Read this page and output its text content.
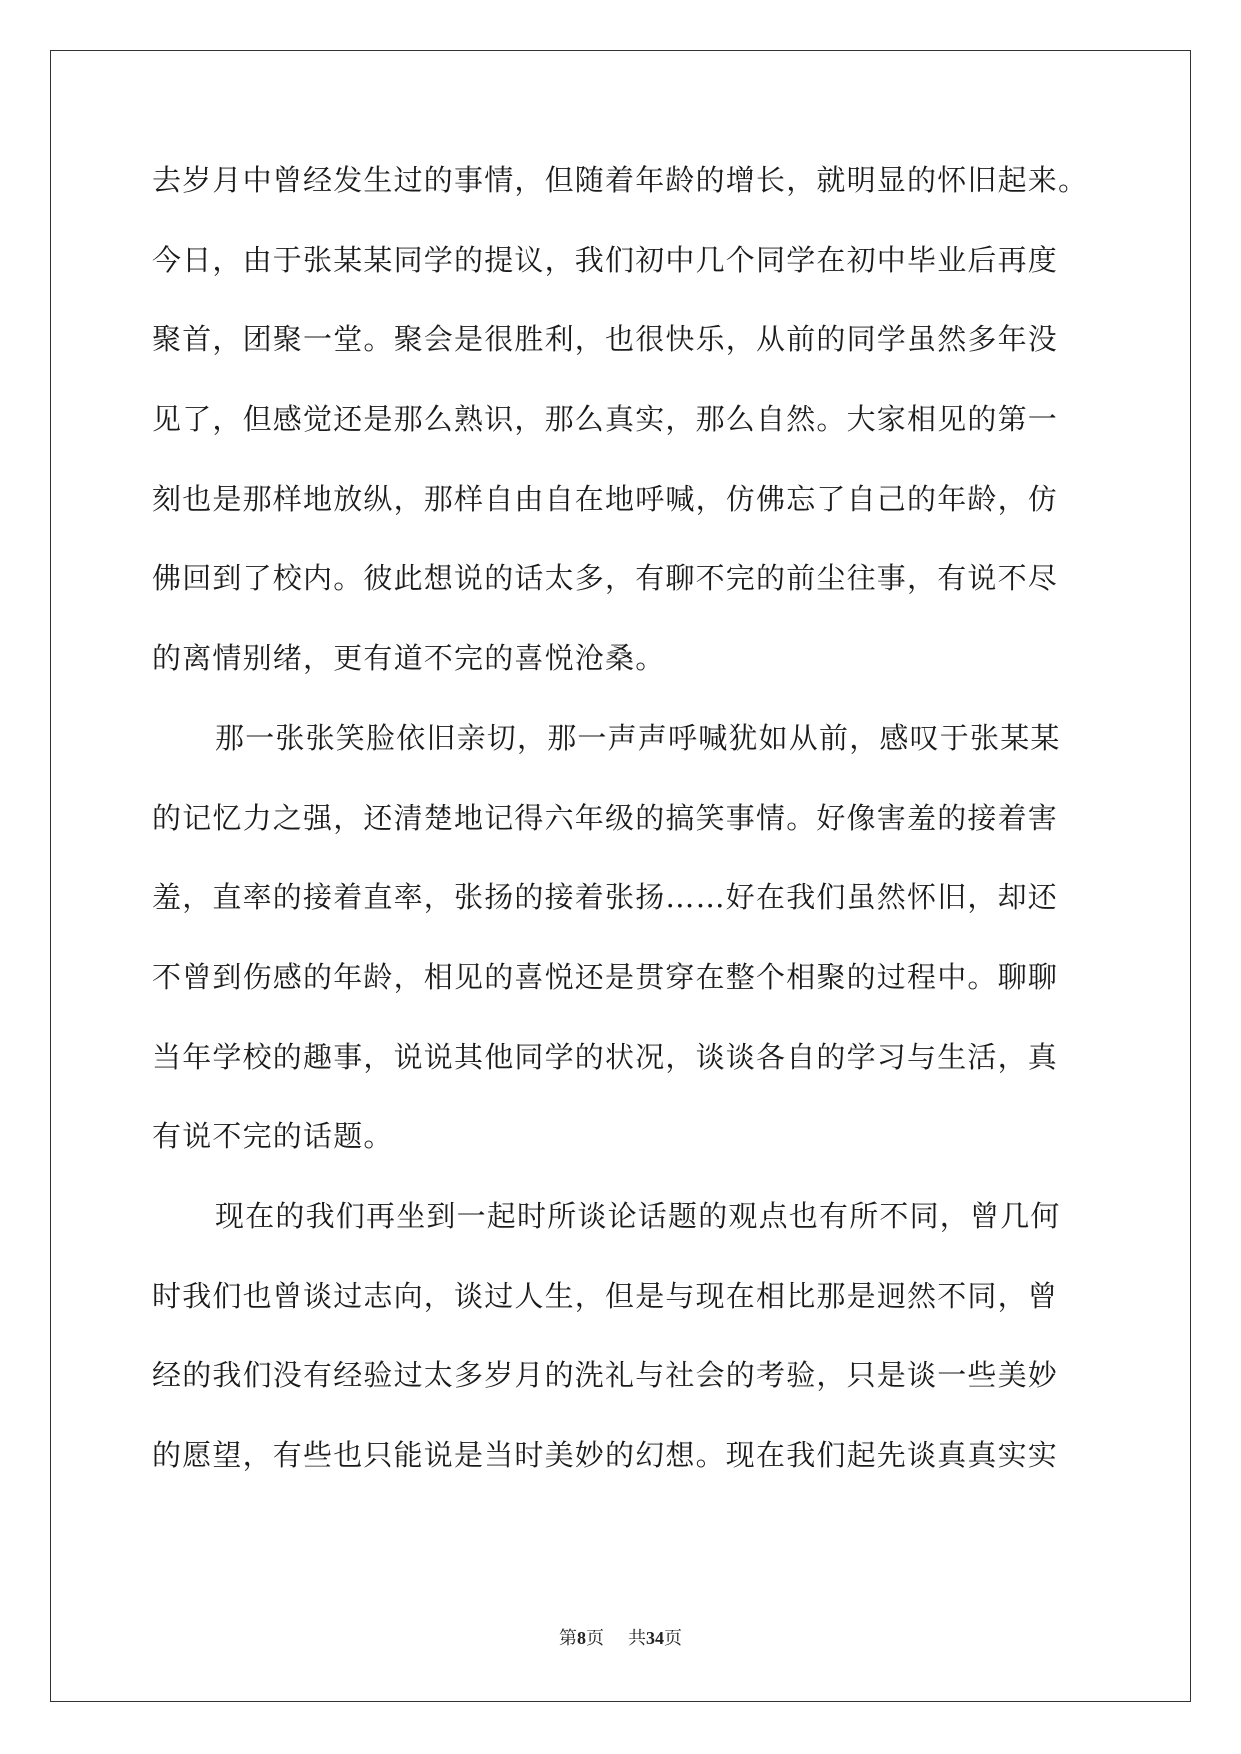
去岁月中曾经发生过的事情，但随着年龄的增长，就明显的怀旧起来。
今日，由于张某某同学的提议，我们初中几个同学在初中毕业后再度
聚首，团聚一堂。聚会是很胜利，也很快乐，从前的同学虽然多年没
见了，但感觉还是那么熟识，那么真实，那么自然。大家相见的第一
刻也是那样地放纵，那样自由自在地呼喊，仿佛忘了自己的年龄，仿
佛回到了校内。彼此想说的话太多，有聊不完的前尘往事，有说不尽
的离情别绪，更有道不完的喜悦沧桑。
那一张张笑脸依旧亲切，那一声声呼喊犹如从前，感叹于张某某
的记忆力之强，还清楚地记得六年级的搞笑事情。好像害羞的接着害
羞，直率的接着直率，张扬的接着张扬……好在我们虽然怀旧，却还
不曾到伤感的年龄，相见的喜悦还是贯穿在整个相聚的过程中。聊聊
当年学校的趣事，说说其他同学的状况，谈谈各自的学习与生活，真
有说不完的话题。
现在的我们再坐到一起时所谈论话题的观点也有所不同，曾几何
时我们也曾谈过志向，谈过人生，但是与现在相比那是迥然不同，曾
经的我们没有经验过太多岁月的洗礼与社会的考验，只是谈一些美妙
的愿望，有些也只能说是当时美妙的幻想。现在我们起先谈真真实实
第8页 共34页
